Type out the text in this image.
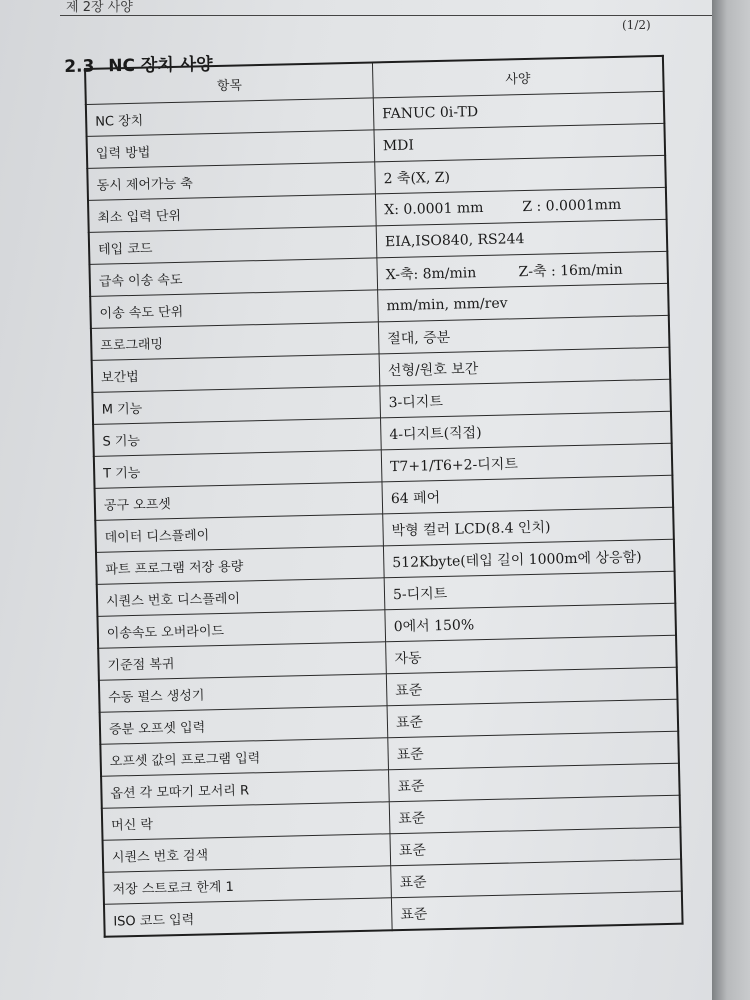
제 2장 사양
(1/2)
2.3 NC 장치 사양
항목	사양
NC 장치	FANUC 0i-TD
입력 방법	MDI
동시 제어가능 축	2 축(X, Z)
최소 입력 단위	X: 0.0001 mm Z : 0.0001mm

테입 코드	EIA,ISO840, RS244
급속 이송 속도	X-축: 8m/min Z-축 : 16m/min

이송 속도 단위	mm/min, mm/rev
프로그래밍	절대, 증분
보간법	선형/원호 보간
M 기능	3-디지트
S 기능	4-디지트(직접)
T 기능	T7+1/T6+2-디지트
공구 오프셋	64 페어
데이터 디스플레이	박형 컬러 LCD(8.4 인치)
파트 프로그램 저장 용량	512Kbyte(테입 길이 1000m에 상응함)
시퀀스 번호 디스플레이	5-디지트
이송속도 오버라이드	0에서 150%
기준점 복귀	자동
수동 펄스 생성기	표준
증분 오프셋 입력	표준
오프셋 값의 프로그램 입력	표준
옵션 각 모따기 모서리 R	표준
머신 락	표준
시퀀스 번호 검색	표준
저장 스트로크 한계 1	표준
ISO 코드 입력	표준
